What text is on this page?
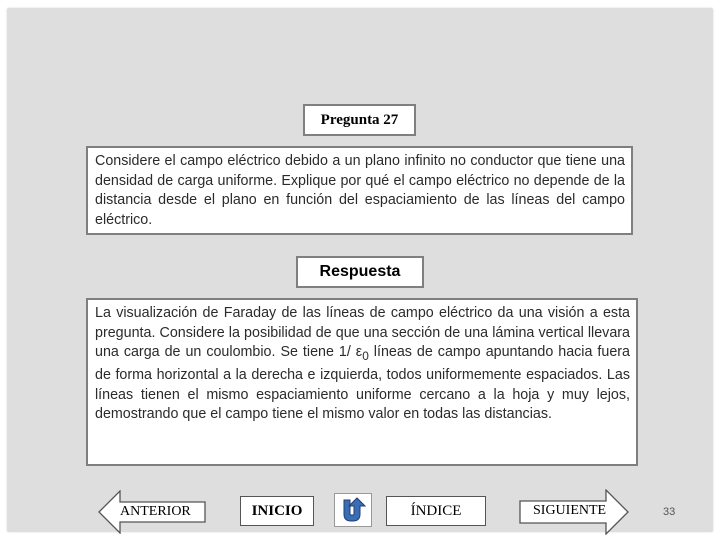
Pregunta 27
Considere el campo eléctrico debido a un plano infinito no conductor que tiene una densidad de carga uniforme. Explique por qué el campo eléctrico no depende de la distancia desde el plano en función del espaciamiento de las líneas del campo eléctrico.
Respuesta
La visualización de Faraday de las líneas de campo eléctrico da una visión a esta pregunta. Considere la posibilidad de que una sección de una lámina vertical llevara una carga de un coulombio. Se tiene 1/ $\varepsilon_0$ líneas de campo apuntando hacia fuera de forma horizontal a la derecha e izquierda, todos uniformemente espaciados. Las líneas tienen el mismo espaciamiento uniforme cercano a la hoja y muy lejos, demostrando que el campo tiene el mismo valor en todas las distancias.
ANTERIOR	INICIO	ÍNDICE	SIGUIENTE	33
